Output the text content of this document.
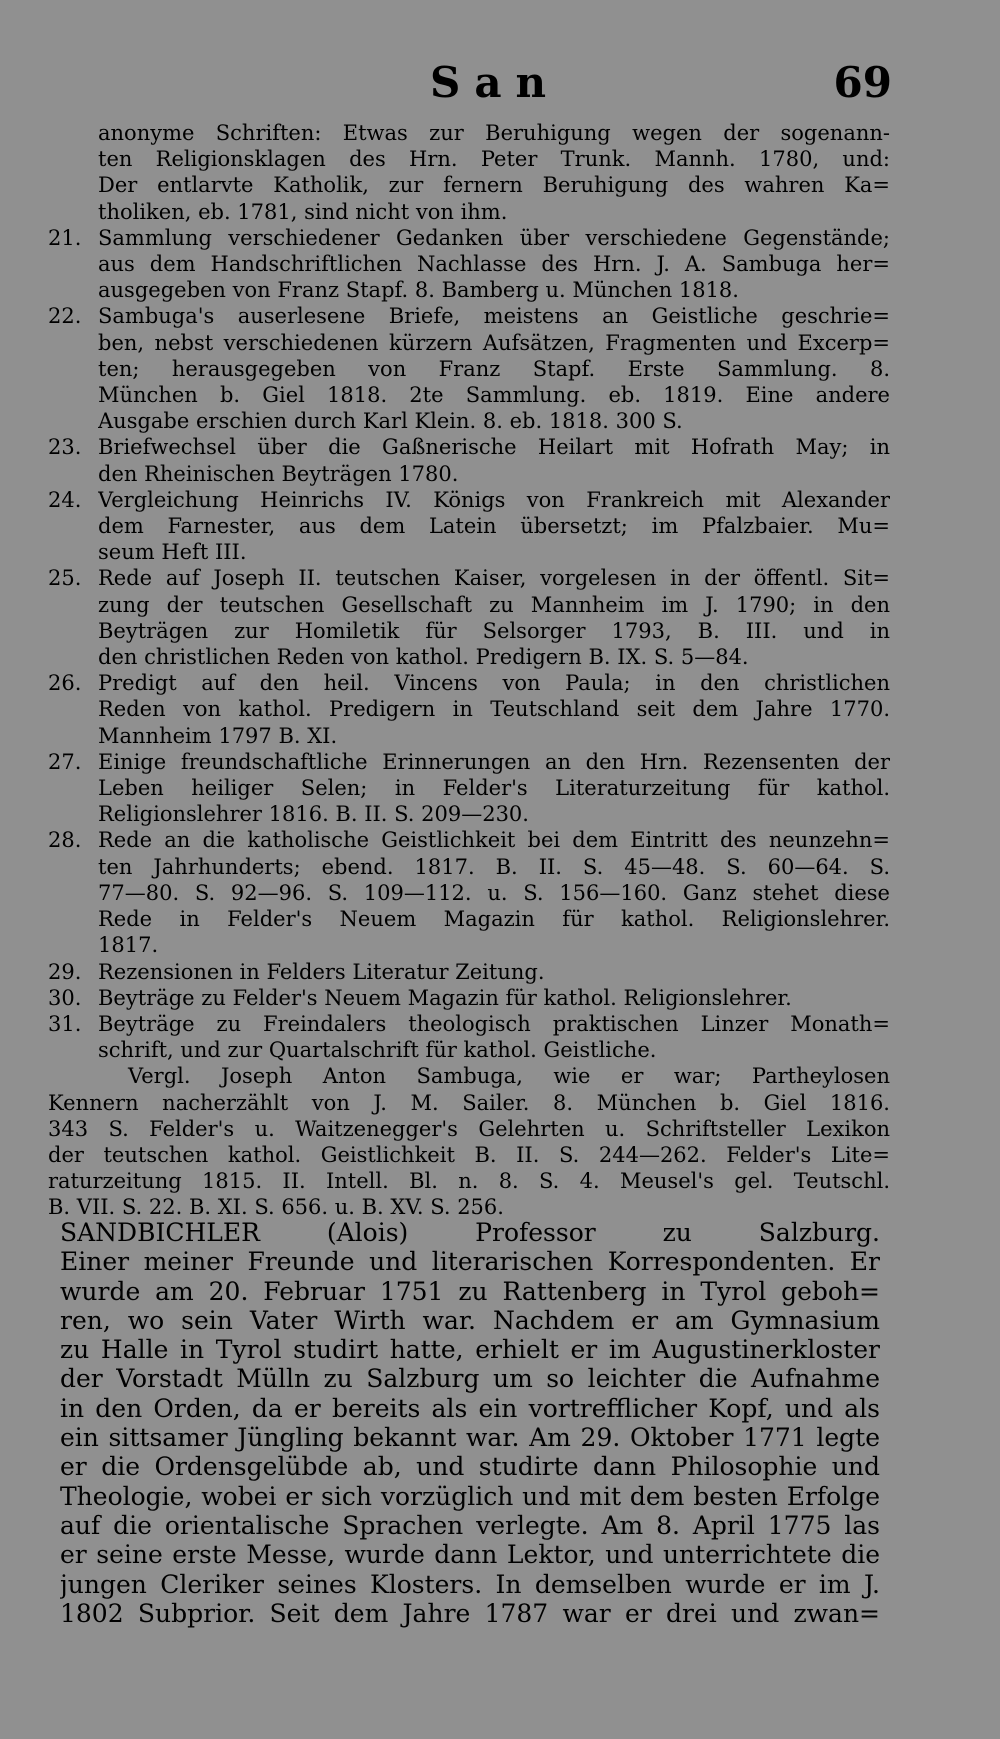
San	69
anonyme Schriften: Etwas zur Beruhigung wegen der sogenann-
ten Religionsklagen des Hrn. Peter Trunk. Mannh. 1780, und:
Der entlarvte Katholik, zur fernern Beruhigung des wahren Ka=
tholiken, eb. 1781, sind nicht von ihm.
21. Sammlung verschiedener Gedanken über verschiedene Gegenstände;
aus dem Handschriftlichen Nachlasse des Hrn. J. A. Sambuga her=
ausgegeben von Franz Stapf. 8. Bamberg u. München 1818.
22. Sambuga's auserlesene Briefe, meistens an Geistliche geschrie=
ben, nebst verschiedenen kürzern Aufsätzen, Fragmenten und Excerp=
ten; herausgegeben von Franz Stapf. Erste Sammlung. 8.
München b. Giel 1818. 2te Sammlung. eb. 1819. Eine andere
Ausgabe erschien durch Karl Klein. 8. eb. 1818. 300 S.
23. Briefwechsel über die Gaßnerische Heilart mit Hofrath May; in
den Rheinischen Beyträgen 1780.
24. Vergleichung Heinrichs IV. Königs von Frankreich mit Alexander
dem Farnester, aus dem Latein übersetzt; im Pfalzbaier. Mu=
seum Heft III.
25. Rede auf Joseph II. teutschen Kaiser, vorgelesen in der öffentl. Sit=
zung der teutschen Gesellschaft zu Mannheim im J. 1790; in den
Beyträgen zur Homiletik für Selsorger 1793, B. III. und in
den christlichen Reden von kathol. Predigern B. IX. S. 5—84.
26. Predigt auf den heil. Vincens von Paula; in den christlichen
Reden von kathol. Predigern in Teutschland seit dem Jahre 1770.
Mannheim 1797 B. XI.
27. Einige freundschaftliche Erinnerungen an den Hrn. Rezensenten der
Leben heiliger Selen; in Felder's Literaturzeitung für kathol.
Religionslehrer 1816. B. II. S. 209—230.
28. Rede an die katholische Geistlichkeit bei dem Eintritt des neunzehn=
ten Jahrhunderts; ebend. 1817. B. II. S. 45—48. S. 60—64. S.
77—80. S. 92—96. S. 109—112. u. S. 156—160. Ganz stehet diese
Rede in Felder's Neuem Magazin für kathol. Religionslehrer.
1817.
29. Rezensionen in Felders Literatur Zeitung.
30. Beyträge zu Felder's Neuem Magazin für kathol. Religionslehrer.
31. Beyträge zu Freindalers theologisch praktischen Linzer Monath=
schrift, und zur Quartalschrift für kathol. Geistliche.
Vergl. Joseph Anton Sambuga, wie er war; Partheylosen
Kennern nacherzählt von J. M. Sailer. 8. München b. Giel 1816.
343 S. Felder's u. Waitzenegger's Gelehrten u. Schriftsteller Lexikon
der teutschen kathol. Geistlichkeit B. II. S. 244—262. Felder's Lite=
raturzeitung 1815. II. Intell. Bl. n. 8. S. 4. Meusel's gel. Teutschl.
B. VII. S. 22. B. XI. S. 656. u. B. XV. S. 256.
SANDBICHLER (Alois) Professor zu Salzburg.
Einer meiner Freunde und literarischen Korrespondenten. Er
wurde am 20. Februar 1751 zu Rattenberg in Tyrol geboh=
ren, wo sein Vater Wirth war. Nachdem er am Gymnasium
zu Halle in Tyrol studirt hatte, erhielt er im Augustinerkloster
der Vorstadt Mülln zu Salzburg um so leichter die Aufnahme
in den Orden, da er bereits als ein vortrefflicher Kopf, und als
ein sittsamer Jüngling bekannt war. Am 29. Oktober 1771 legte
er die Ordensgelübde ab, und studirte dann Philosophie und
Theologie, wobei er sich vorzüglich und mit dem besten Erfolge
auf die orientalische Sprachen verlegte. Am 8. April 1775 las
er seine erste Messe, wurde dann Lektor, und unterrichtete die
jungen Cleriker seines Klosters. In demselben wurde er im J.
1802 Subprior. Seit dem Jahre 1787 war er drei und zwan=
